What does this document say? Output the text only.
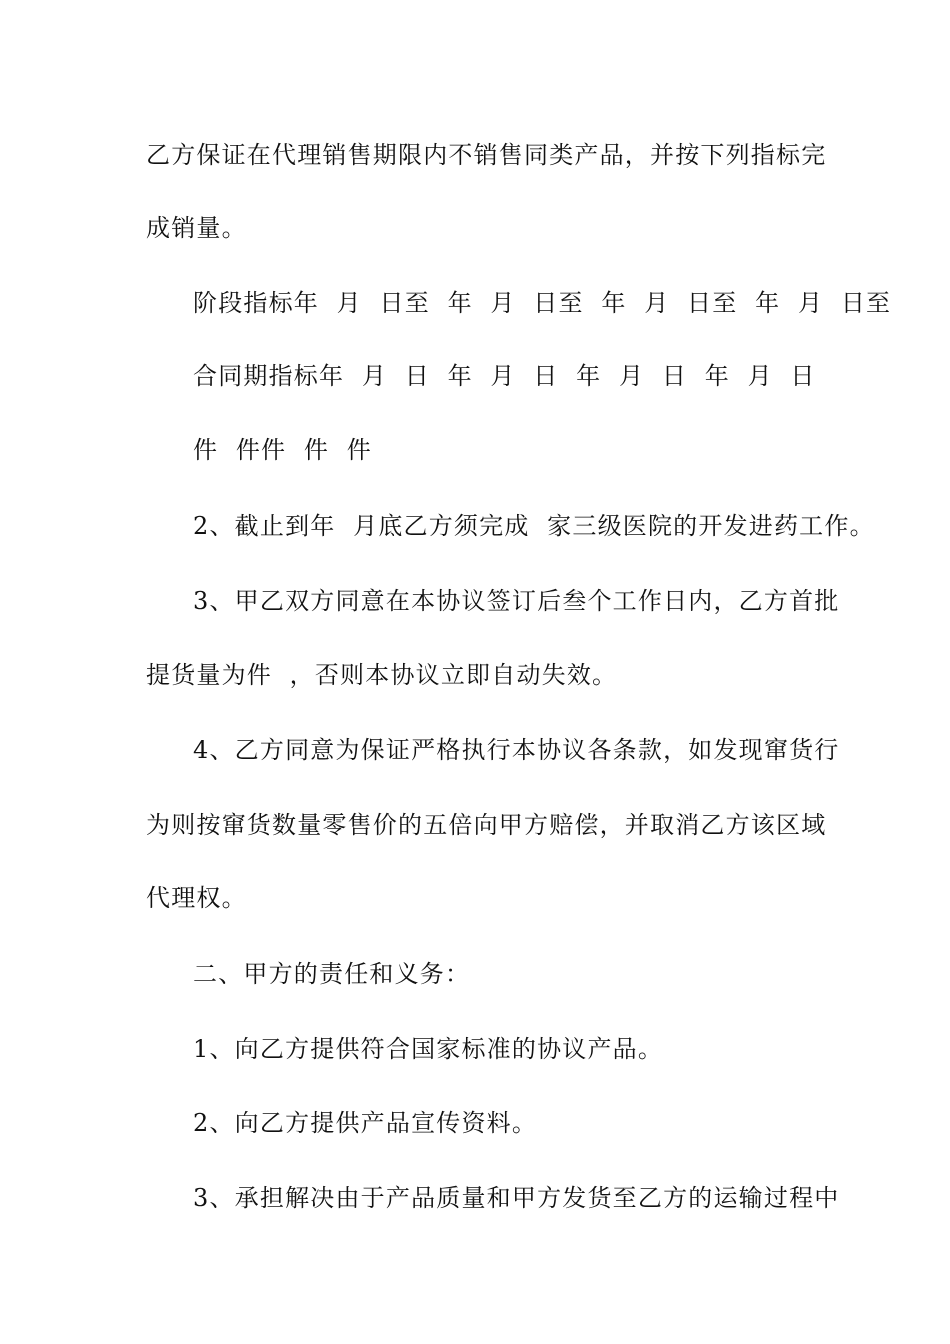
乙方保证在代理销售期限内不销售同类产品，并按下列指标完
成销量。
阶段指标年  月  日至  年  月  日至  年  月  日至  年  月  日至
合同期指标年  月  日  年  月  日  年  月  日  年  月  日
件  件件  件  件
2、截止到年  月底乙方须完成  家三级医院的开发进药工作。
3、甲乙双方同意在本协议签订后叁个工作日内，乙方首批
提货量为件  ，否则本协议立即自动失效。
4、乙方同意为保证严格执行本协议各条款，如发现窜货行
为则按窜货数量零售价的五倍向甲方赔偿，并取消乙方该区域
代理权。
二、甲方的责任和义务：
1、向乙方提供符合国家标准的协议产品。
2、向乙方提供产品宣传资料。
3、承担解决由于产品质量和甲方发货至乙方的运输过程中
